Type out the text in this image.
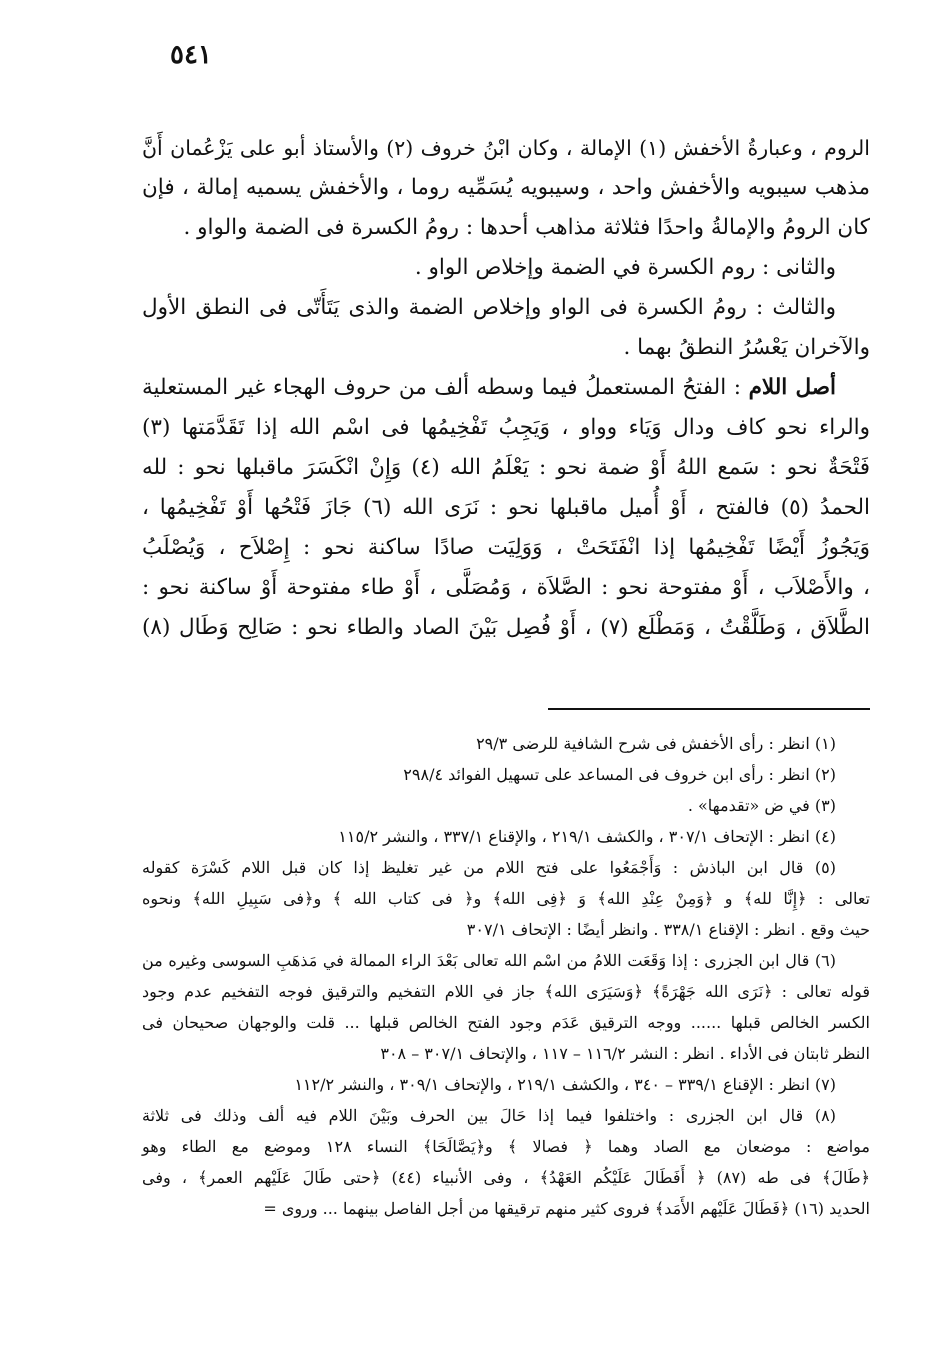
٥٤١

الروم ، وعبارةُ الأخفش (١) الإمالة ، وكان ابْنُ خروف (٢) والأستاذ أبو على يَزْعُمان أَنَّ
مذهب سيبويه والأخفش واحد ، وسيبويه يُسَمِّيه روما ، والأخفش يسميه إمالة ، فإن
كان الرومُ والإمالةُ واحدًا فثلاثة مذاهب أحدها : رومُ الكسرة فى الضمة والواو .

والثانى : روم الكسرة في الضمة وإخلاص الواو .

والثالث : رومُ الكسرة فى الواو وإخلاص الضمة والذى يَتَأَتّى فى النطق الأول
والآخران يَعْسُرُ النطقُ بهما .

أصل اللام : الفتحُ المستعملُ فيما وسطه ألف من حروف الهجاء غير المستعلية
والراء نحو كاف ودال وَيَاء وواو ، وَيَجِبُ تَفْخِيمُها فى اسْم الله إذا تَقَدَّمَتها (٣)
فَتْحَةٌ نحو : سَمع اللهُ أَوْ ضمة نحو : يَعْلَمُ الله (٤) وَإِنْ انْكَسَرَ ماقبلها نحو : لله
الحمدُ (٥) فالفتح ، أَوْ أُميل ماقبلها نحو : نَرَى الله (٦) جَازَ فَتْحُها أَوْ تَفْخِيمُها ،
وَيَجُوزُ أَيْضًا تَفْخِيمُها إذا انْفَتَحَتْ ، وَوَلِيَت صادًا ساكنة نحو : إِصْلاَح ، وَيُصْلَبُ
، والأَصْلاَب ، أَوْ مفتوحة نحو : الصَّلاَة ، وَمُصَلَّى ، أَوْ طاء مفتوحة أَوْ ساكنة نحو :
الطَّلاَق ، وَطَلَّقْتُ ، وَمَطْلَع (٧) ، أَوْ فُصِل بَيْنَ الصاد والطاء نحو : صَالِح وَطَال (٨)

(١) انظر : رأى الأخفش فى شرح الشافية للرضى ٢٩/٣
(٢) انظر : رأى ابن خروف فى المساعد على تسهيل الفوائد ٢٩٨/٤
(٣) في ض «تقدمها» .
(٤) انظر : الإتحاف ٣٠٧/١ ، والكشف ٢١٩/١ ، والإقناع ٣٣٧/١ ، والنشر ١١٥/٢
(٥) قال ابن الباذش : وَأَجْمَعُوا على فتح اللام من غير تغليظ إذا كان قبل اللام كَسْرَة كقوله
تعالى : ﴿إِنَّا لله﴾ و ﴿وَمِنْ عِنْدِ الله﴾ وَ ﴿فِى الله﴾ و﴿ فى كتاب الله ﴾ و﴿فى سَبِيلِ الله﴾ ونحوه
حيث وقع . انظر : الإقناع ٣٣٨/١ . وانظر أيضًا : الإتحاف ٣٠٧/١
(٦) قال ابن الجزرى : إذا وَقَعَت اللامُ من اسْم الله تعالى بَعْدَ الراء الممالة في مَذهَبِ السوسى وغيره من
قوله تعالى : ﴿نَرَى الله جَهْرَةً﴾ ﴿وَسَيَرَى الله﴾ جاز في اللام التفخيم والترقيق فوجه التفخيم عدم وجود
الكسر الخالص قبلها ...... ووجه الترقيق عَدَم وجود الفتح الخالص قبلها ... قلت والوجهان صحيحان فى
النظر ثابتان فى الأداء . انظر : النشر ١١٦/٢ – ١١٧ ، والإتحاف ٣٠٧/١ – ٣٠٨
(٧) انظر : الإقناع ٣٣٩/١ – ٣٤٠ ، والكشف ٢١٩/١ ، والإتحاف ٣٠٩/١ ، والنشر ١١٢/٢
(٨) قال ابن الجزرى : واختلفوا فيما إذا حَالَ بين الحرف وبَيْنَ اللام فيه ألف وذلك فى ثلاثة
مواضع : موضعان مع الصاد وهما ﴿ فصالا ﴾ و﴿يَصَّالَحَا﴾ النساء ١٢٨ وموضع مع الطاء وهو
﴿طَالَ﴾ فى طه (٨٧) ﴿ أَفَطَالَ عَلَيْكُم العَهْدُ﴾ ، وفى الأنبياء (٤٤) ﴿حتى طَالَ عَلَيْهم العمر﴾ ، وفى
الحديد (١٦) ﴿فَطَالَ عَلَيْهم الأَمَد﴾ فروى كثير منهم ترقيقها من أجل الفاصل بينهما ... وروى =
